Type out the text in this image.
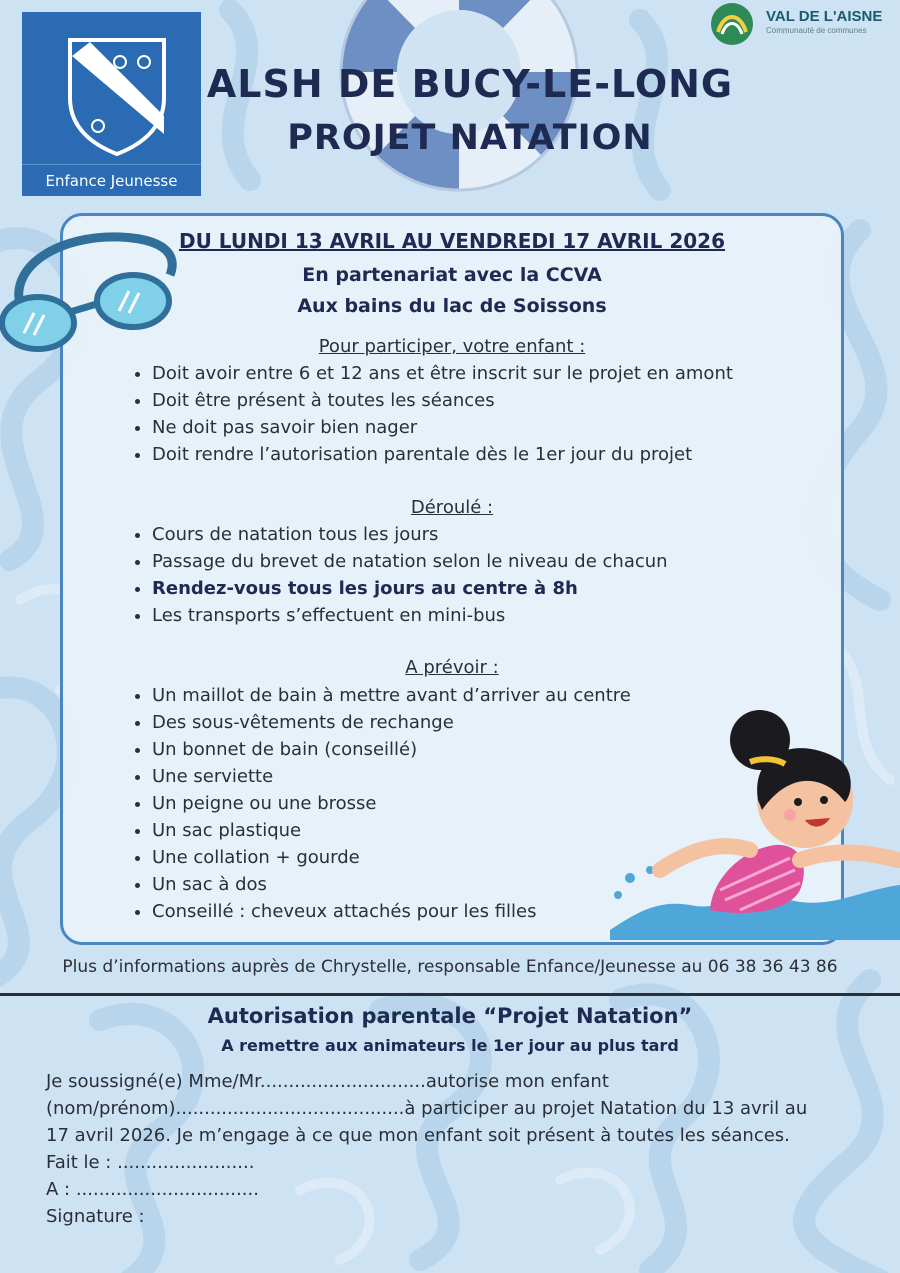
Enfance Jeunesse
VAL DE L'AISNE
Communauté de communes
ALSH DE BUCY-LE-LONG
PROJET NATATION
DU LUNDI 13 AVRIL AU VENDREDI 17 AVRIL 2026
En partenariat avec la CCVA
Aux bains du lac de Soissons
Pour participer, votre enfant :
• Doit avoir entre 6 et 12 ans et être inscrit sur le projet en amont
• Doit être présent à toutes les séances
• Ne doit pas savoir bien nager
• Doit rendre l’autorisation parentale dès le 1er jour du projet
Déroulé :
• Cours de natation tous les jours
• Passage du brevet de natation selon le niveau de chacun
• Rendez-vous tous les jours au centre à 8h
• Les transports s’effectuent en mini-bus
A prévoir :
• Un maillot de bain à mettre avant d’arriver au centre
• Des sous-vêtements de rechange
• Un bonnet de bain (conseillé)
• Une serviette
• Un peigne ou une brosse
• Un sac plastique
• Une collation + gourde
• Un sac à dos
• Conseillé : cheveux attachés pour les filles
Plus d’informations auprès de Chrystelle, responsable Enfance/Jeunesse au 06 38 36 43 86
Autorisation parentale “Projet Natation”
A remettre aux animateurs le 1er jour au plus tard
Je soussigné(e) Mme/Mr.............................autorise mon enfant
(nom/prénom)........................................à participer au projet Natation du 13 avril au
17 avril 2026. Je m’engage à ce que mon enfant soit présent à toutes les séances.
Fait le : ........................
A : ................................
Signature :
